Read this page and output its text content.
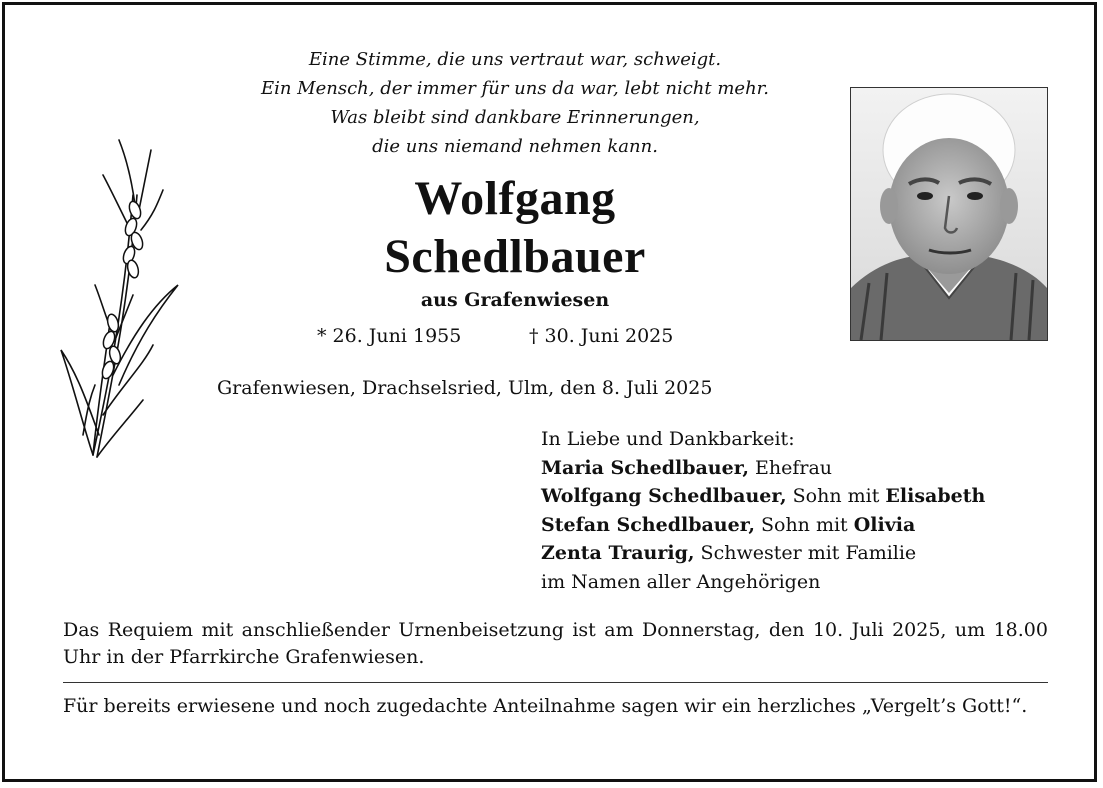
Eine Stimme, die uns vertraut war, schweigt.
Ein Mensch, der immer für uns da war, lebt nicht mehr.
Was bleibt sind dankbare Erinnerungen,
die uns niemand nehmen kann.
Wolfgang
Schedlbauer
aus Grafenwiesen
* 26. Juni 1955	† 30. Juni 2025
Grafenwiesen, Drachselsried, Ulm, den 8. Juli 2025
In Liebe und Dankbarkeit:
Maria Schedlbauer, Ehefrau
Wolfgang Schedlbauer, Sohn mit Elisabeth
Stefan Schedlbauer, Sohn mit Olivia
Zenta Traurig, Schwester mit Familie
im Namen aller Angehörigen
Das Requiem mit anschließender Urnenbeisetzung ist am Donnerstag, den 10. Juli 2025, um 18.00 Uhr in der Pfarrkirche Grafenwiesen.
Für bereits erwiesene und noch zugedachte Anteilnahme sagen wir ein herzliches „Vergelt’s Gott!“.
